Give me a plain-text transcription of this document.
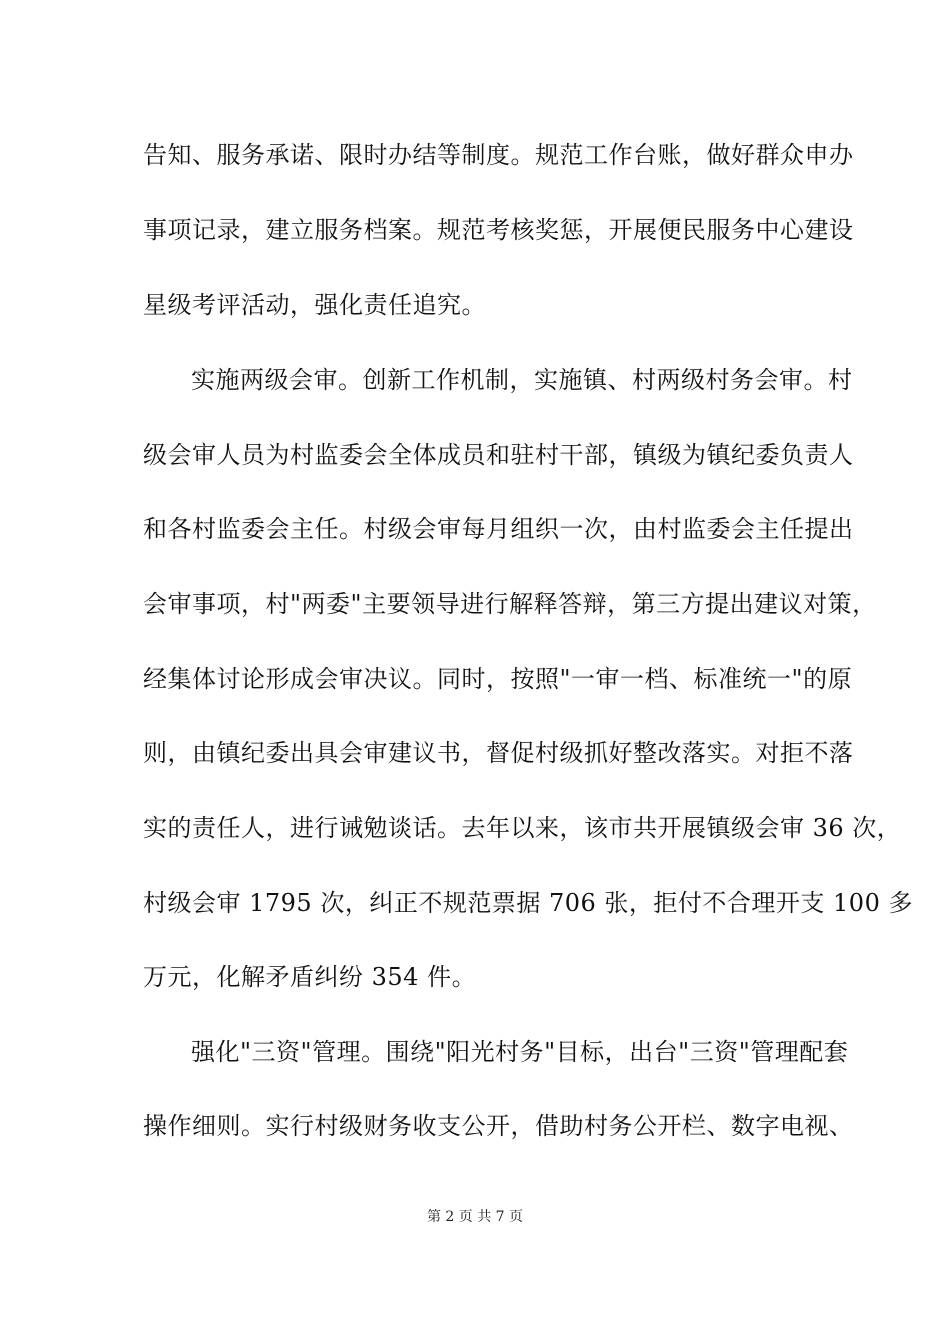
告知、服务承诺、限时办结等制度。规范工作台账，做好群众申办
事项记录，建立服务档案。规范考核奖惩，开展便民服务中心建设
星级考评活动，强化责任追究。
实施两级会审。创新工作机制，实施镇、村两级村务会审。村
级会审人员为村监委会全体成员和驻村干部，镇级为镇纪委负责人
和各村监委会主任。村级会审每月组织一次，由村监委会主任提出
会审事项，村"两委"主要领导进行解释答辩，第三方提出建议对策，
经集体讨论形成会审决议。同时，按照"一审一档、标准统一"的原
则，由镇纪委出具会审建议书，督促村级抓好整改落实。对拒不落
实的责任人，进行诫勉谈话。去年以来，该市共开展镇级会审 36 次，
村级会审 1795 次，纠正不规范票据 706 张，拒付不合理开支 100 多
万元，化解矛盾纠纷 354 件。
强化"三资"管理。围绕"阳光村务"目标，出台"三资"管理配套
操作细则。实行村级财务收支公开，借助村务公开栏、数字电视、
第 2 页 共 7 页
